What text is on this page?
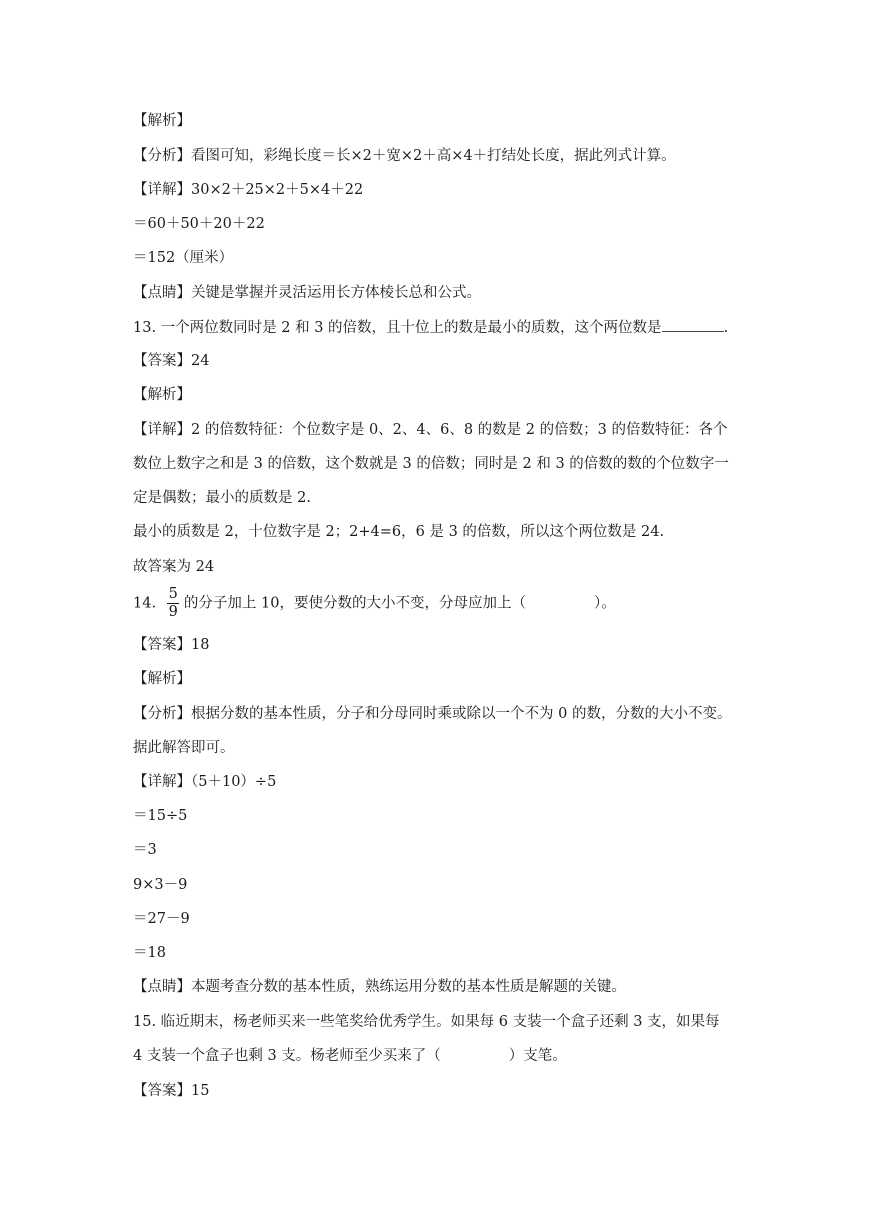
【解析】
【分析】看图可知，彩绳长度＝长×2＋宽×2＋高×4＋打结处长度，据此列式计算。
【详解】30×2＋25×2＋5×4＋22
＝60＋50＋20＋22
＝152（厘米）
【点睛】关键是掌握并灵活运用长方体棱长总和公式。
13. 一个两位数同时是 2 和 3 的倍数，且十位上的数是最小的质数，这个两位数是	.
【答案】24
【解析】
【详解】2 的倍数特征：个位数字是 0、2、4、6、8 的数是 2 的倍数；3 的倍数特征：各个
数位上数字之和是 3 的倍数，这个数就是 3 的倍数；同时是 2 和 3 的倍数的数的个位数字一
定是偶数；最小的质数是 2.
最小的质数是 2，十位数字是 2；2+4=6，6 是 3 的倍数，所以这个两位数是 24.
故答案为 24
14. $\frac{5}{9}$ 的分子加上 10，要使分数的大小不变，分母应加上（	）。
【答案】18
【解析】
【分析】根据分数的基本性质，分子和分母同时乘或除以一个不为 0 的数，分数的大小不变。
据此解答即可。
【详解】（5＋10）÷5
＝15÷5
＝3
9×3－9
＝27－9
＝18
【点睛】本题考查分数的基本性质，熟练运用分数的基本性质是解题的关键。
15. 临近期末，杨老师买来一些笔奖给优秀学生。如果每 6 支装一个盒子还剩 3 支，如果每
4 支装一个盒子也剩 3 支。杨老师至少买来了（	）支笔。
【答案】15
